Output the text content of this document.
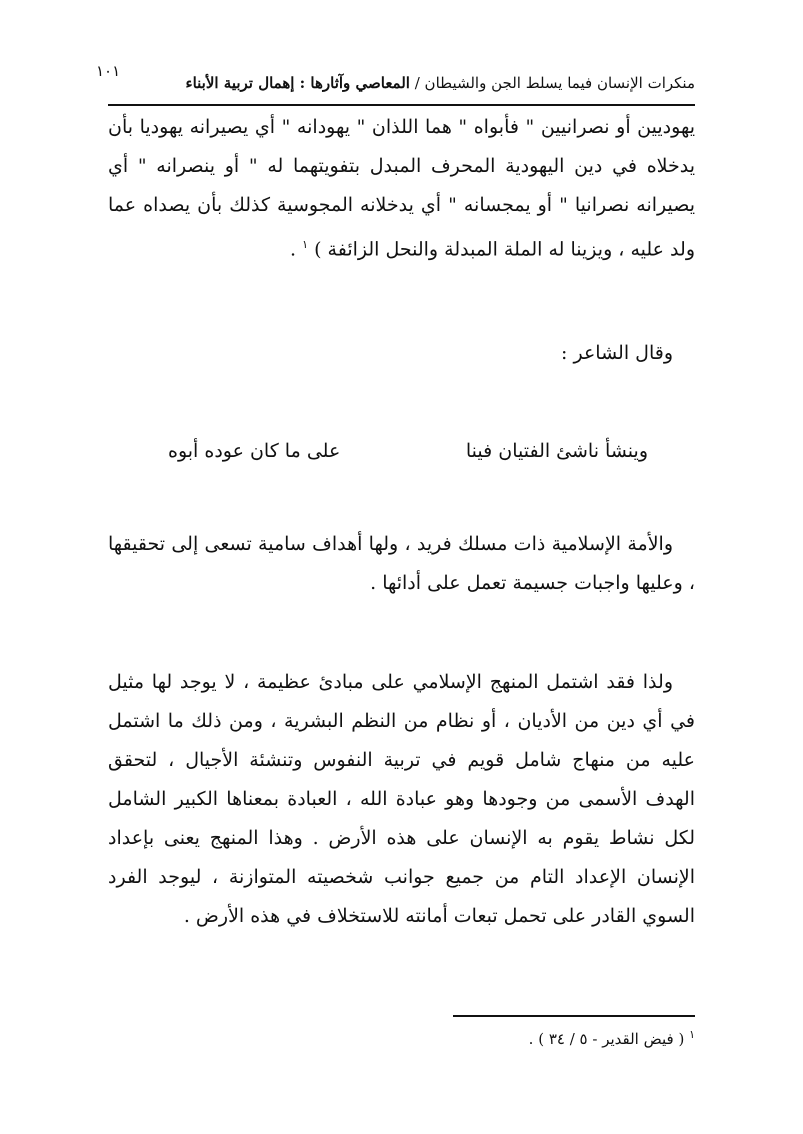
١٠١
منكرات الإنسان فيما يسلط الجن والشيطان / المعاصي وآثارها : إهمال تربية الأبناء

يهوديين أو نصرانيين " فأبواه " هما اللذان " يهودانه " أي يصيرانه يهوديا بأن يدخلاه في دين اليهودية المحرف المبدل بتفويتهما له " أو ينصرانه " أي يصيرانه نصرانيا " أو يمجسانه " أي يدخلانه المجوسية كذلك بأن يصداه عما ولد عليه ، ويزينا له الملة المبدلة والنحل الزائفة ) $^١$ .

وقال الشاعر :
وينشأ ناشئ الفتيان فينا
على ما كان عوده أبوه

والأمة الإسلامية ذات مسلك فريد ، ولها أهداف سامية تسعى إلى تحقيقها ، وعليها واجبات جسيمة تعمل على أدائها .

ولذا فقد اشتمل المنهج الإسلامي على مبادئ عظيمة ، لا يوجد لها مثيل في أي دين من الأديان ، أو نظام من النظم البشرية ، ومن ذلك ما اشتمل عليه من منهاج شامل قويم في تربية النفوس وتنشئة الأجيال ، لتحقق الهدف الأسمى من وجودها وهو عبادة الله ، العبادة بمعناها الكبير الشامل لكل نشاط يقوم به الإنسان على هذه الأرض . وهذا المنهج يعنى بإعداد الإنسان الإعداد التام من جميع جوانب شخصيته المتوازنة ، ليوجد الفرد السوي القادر على تحمل تبعات أمانته للاستخلاف في هذه الأرض .

$^١$ ( فيض القدير - ٥ / ٣٤ ) .
